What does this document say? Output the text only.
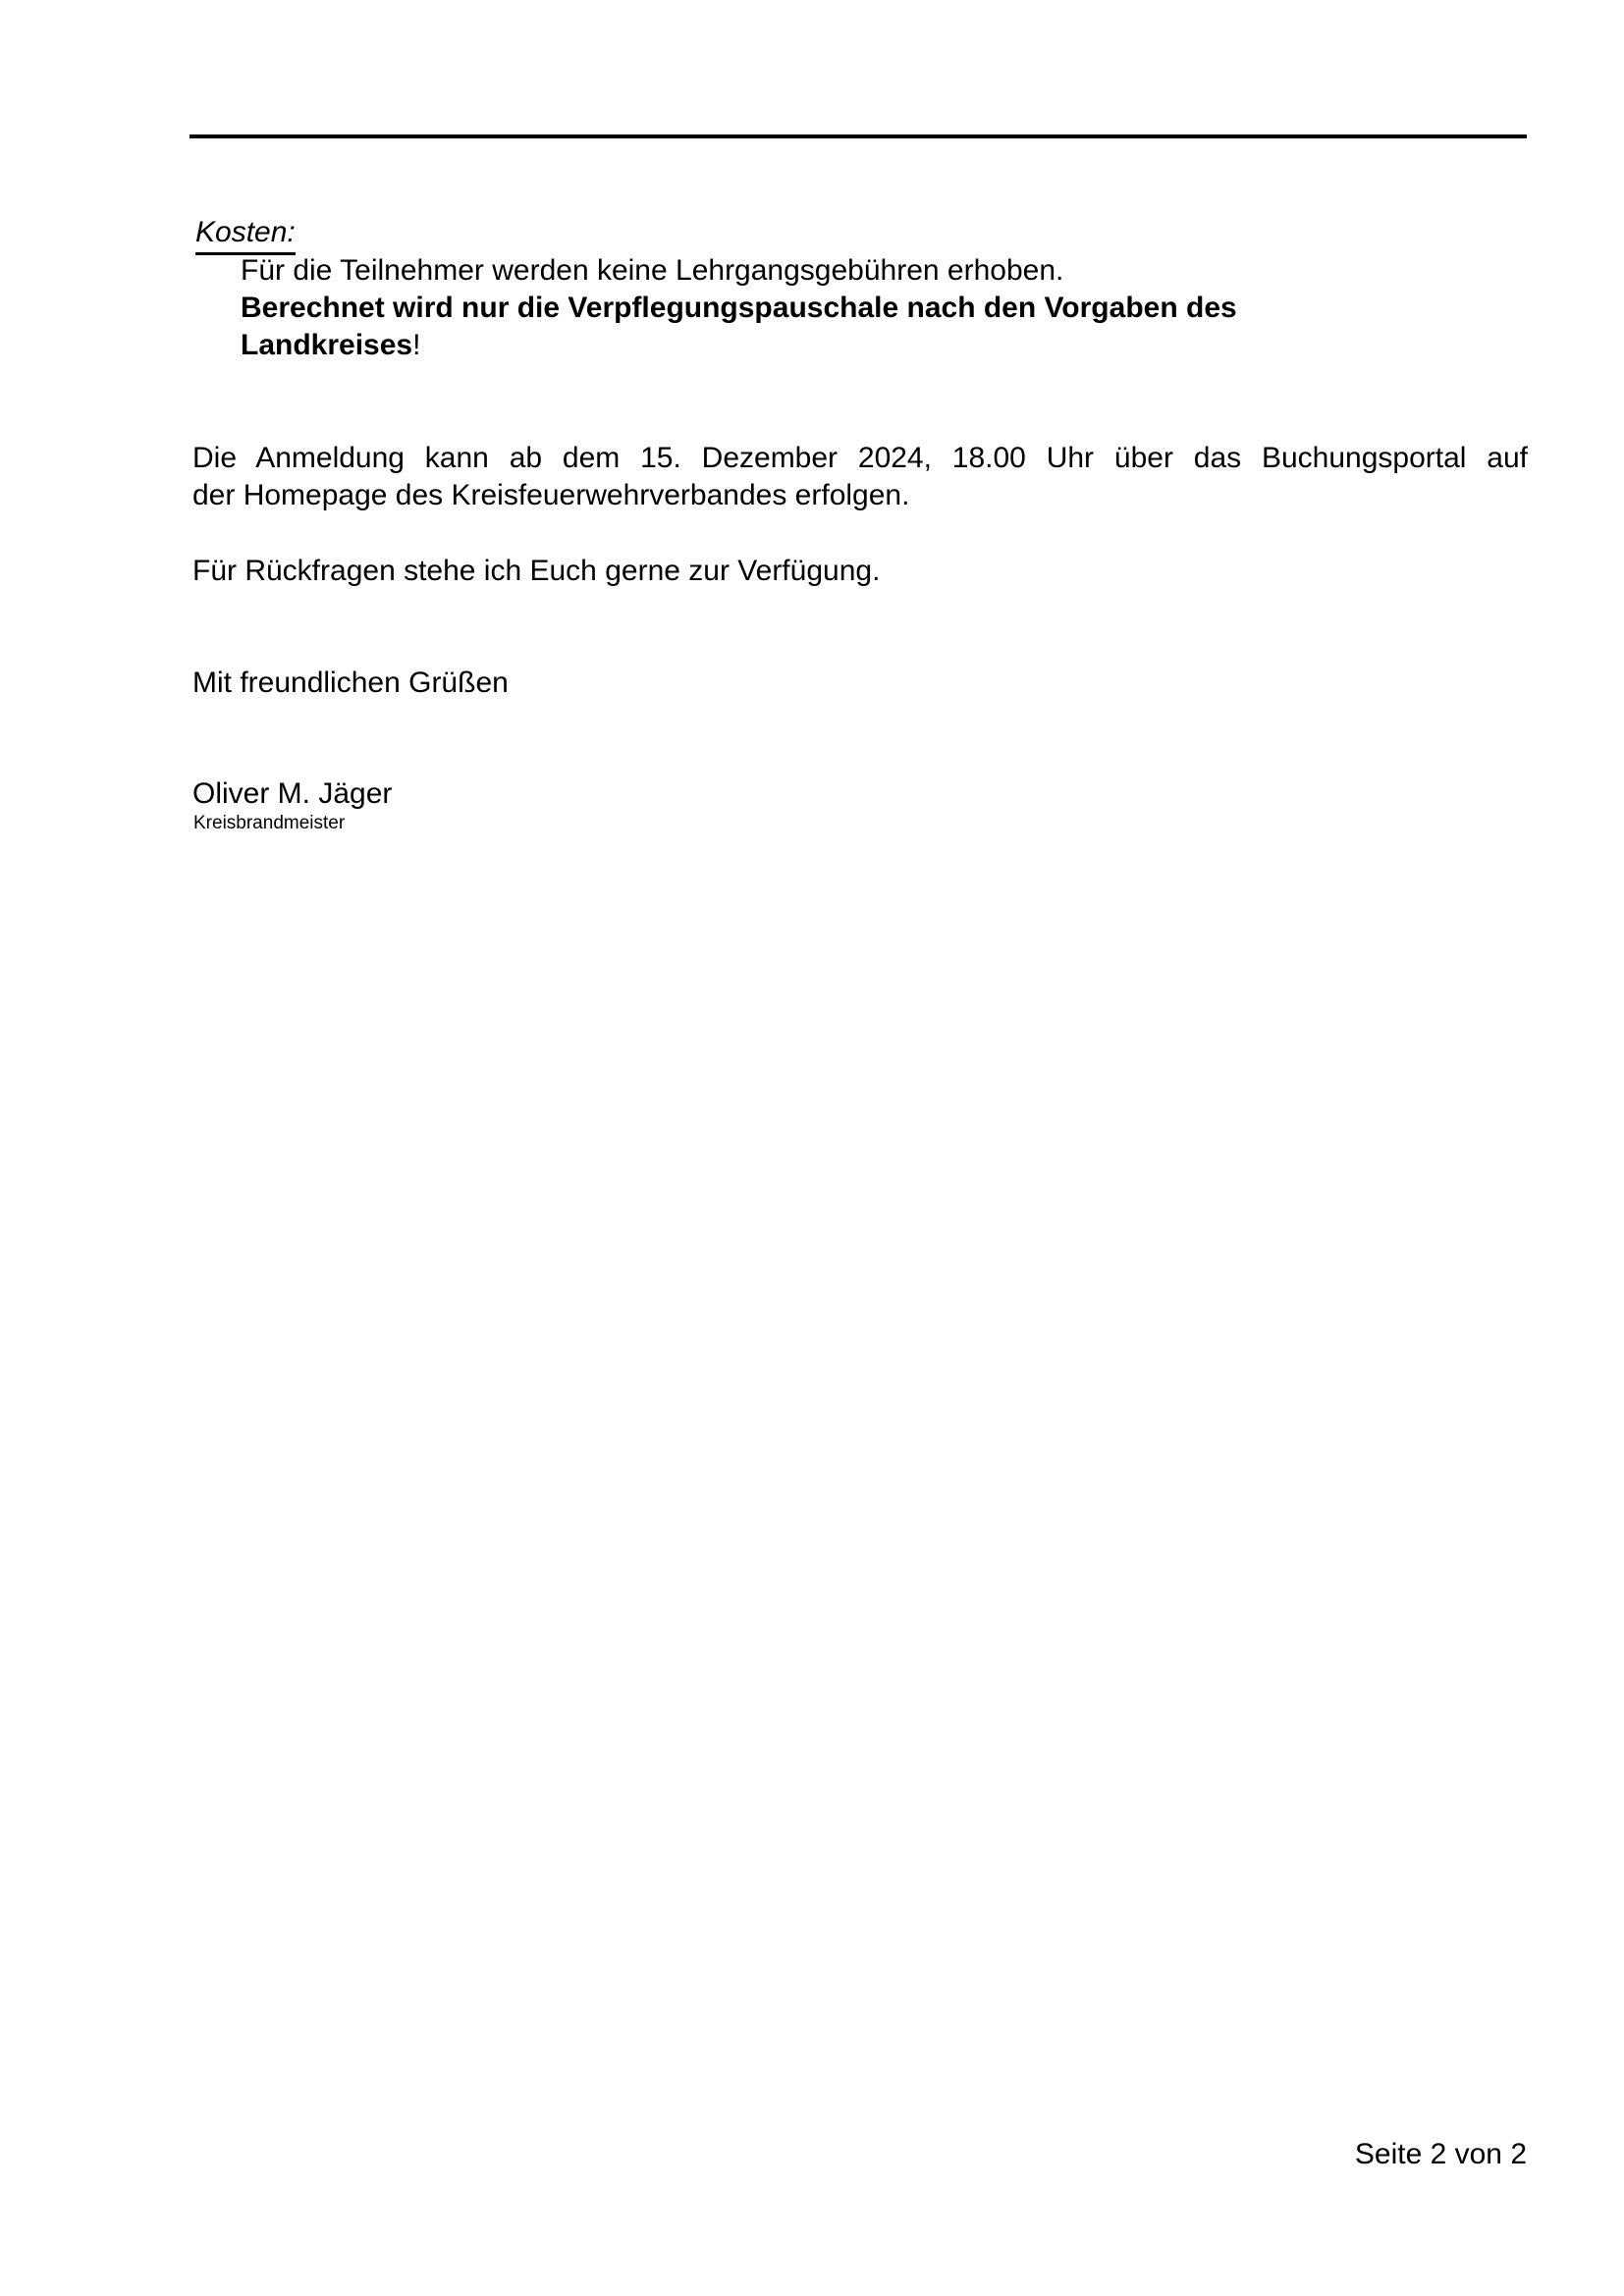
Kosten:
Für die Teilnehmer werden keine Lehrgangsgebühren erhoben.
Berechnet wird nur die Verpflegungspauschale nach den Vorgaben des
Landkreises!
Die Anmeldung kann ab dem 15. Dezember 2024, 18.00 Uhr über das Buchungsportal auf
der Homepage des Kreisfeuerwehrverbandes erfolgen.
Für Rückfragen stehe ich Euch gerne zur Verfügung.
Mit freundlichen Grüßen
Oliver M. Jäger
Kreisbrandmeister
Seite 2 von 2
